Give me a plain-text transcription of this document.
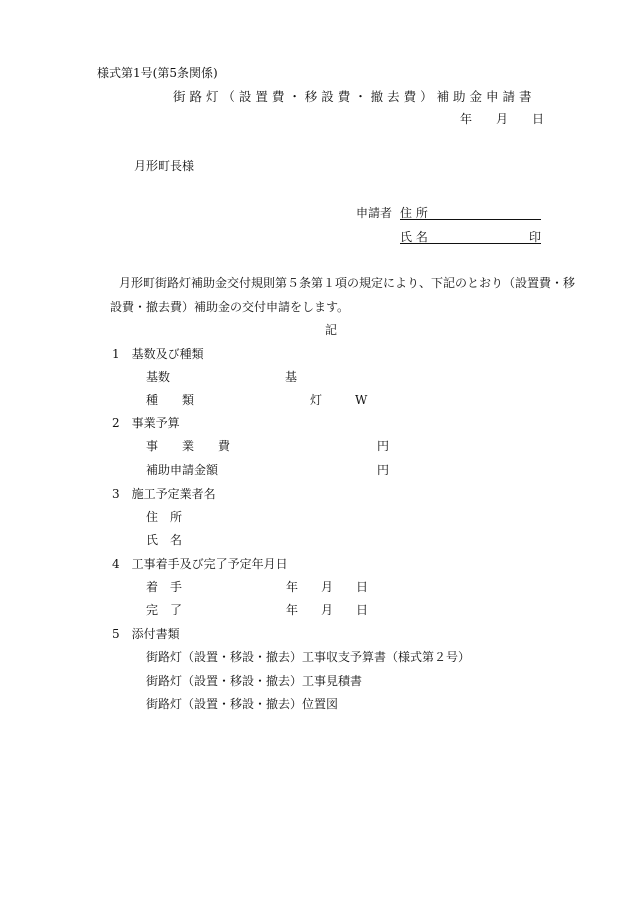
様式第1号(第5条関係)
街 路 灯 （ 設 置 費 ・ 移 設 費 ・ 撤 去 費 ） 補 助 金 申 請 書
年 月 日
月形町長様
申請者 住 所
氏 名	印
月形町街路灯補助金交付規則第５条第１項の規定により、下記のとおり（設置費・移
設費・撤去費）補助金の交付申請をします。
記
1　基数及び種類
基数	基
種　　類	灯	W
2　事業予算
事　　業　　費	円
補助申請金額	円
3　施工予定業者名
住　所
氏　名
4　工事着手及び完了予定年月日
着　手	年 月 日
完　了	年 月 日
5　添付書類
街路灯（設置・移設・撤去）工事収支予算書（様式第２号）
街路灯（設置・移設・撤去）工事見積書
街路灯（設置・移設・撤去）位置図
